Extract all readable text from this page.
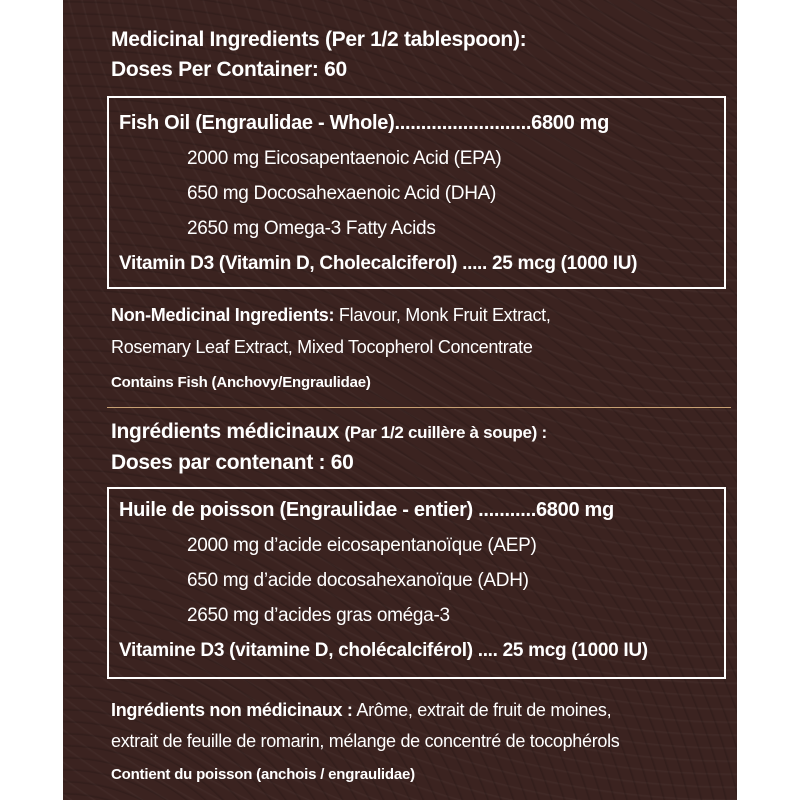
Medicinal Ingredients (Per 1/2 tablespoon):
Doses Per Container: 60
Fish Oil (Engraulidae - Whole)..........................6800 mg
2000 mg Eicosapentaenoic Acid (EPA)
650 mg Docosahexaenoic Acid (DHA)
2650 mg Omega-3 Fatty Acids
Vitamin D3 (Vitamin D, Cholecalciferol) ..... 25 mcg (1000 IU)
Non-Medicinal Ingredients: Flavour, Monk Fruit Extract,
Rosemary Leaf Extract, Mixed Tocopherol Concentrate
Contains Fish (Anchovy/Engraulidae)
Ingrédients médicinaux (Par 1/2 cuillère à soupe) :
Doses par contenant : 60
Huile de poisson (Engraulidae - entier) ...........6800 mg
2000 mg d’acide eicosapentanoïque (AEP)
650 mg d’acide docosahexanoïque (ADH)
2650 mg d’acides gras oméga-3
Vitamine D3 (vitamine D, cholécalciférol) .... 25 mcg (1000 IU)
Ingrédients non médicinaux : Arôme, extrait de fruit de moines,
extrait de feuille de romarin, mélange de concentré de tocophérols
Contient du poisson (anchois / engraulidae)
